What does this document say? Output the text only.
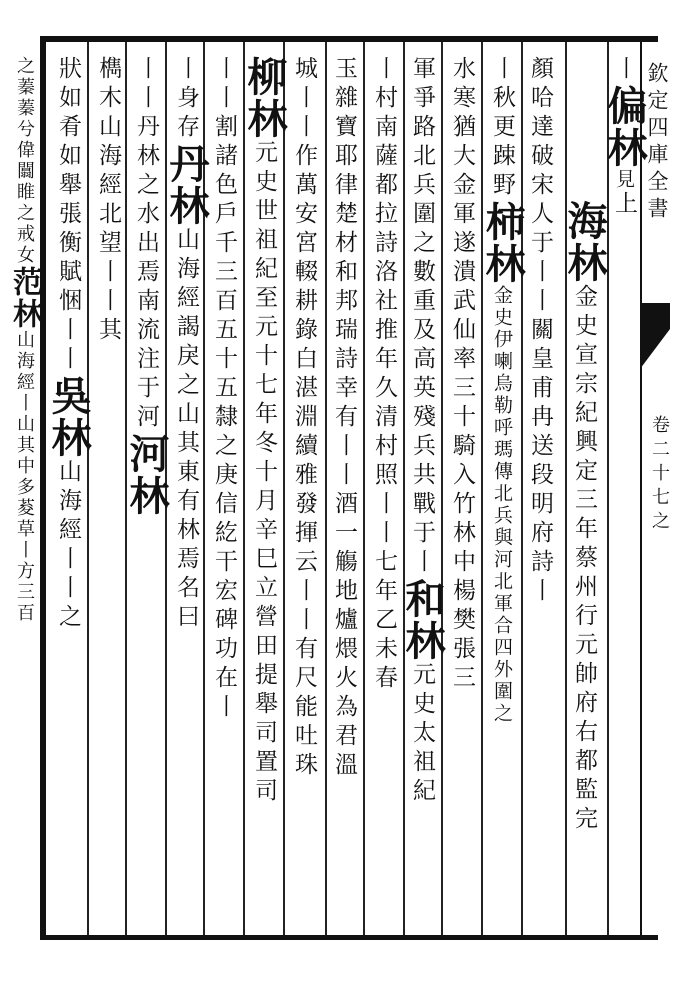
欽定四庫全書
卷二十七之
丨偏林見上
海林金史宣宗紀興定三年蔡州行元帥府右都監完
顏哈達破宋人于丨丨關皇甫冉送段明府詩丨
丨秋更踈野柿林金史伊喇烏勒呼瑪傳北兵與河北軍合四外圍之
水寒猶大金軍遂潰武仙率三十騎入竹林中楊樊張三
軍爭路北兵圍之數重及高英殘兵共戰于丨和林元史太祖紀
丨村南薩都拉詩洛社推年久清村照丨丨七年乙未春
玉雜寶耶律楚材和邦瑞詩幸有丨丨酒一觴地爐煨火為君溫
城丨丨作萬安宮輟耕錄白湛淵續雅發揮云丨丨有尺能吐珠
柳林元史世祖紀至元十七年冬十月辛巳立營田提舉司置司
丨丨割諸色戶千三百五十五隸之庚信紇干宏碑功在丨
丨身存丹林山海經謁戾之山其東有林焉名曰
丨丨丹林之水出焉南流注于河河林
檇木山海經北望丨丨其
狀如肴如舉張衡賦悃丨丨吳林山海經丨丨之
之蓁蓁兮偉闒睢之戒女范林山海經丨山其中多荾草丨方三百
